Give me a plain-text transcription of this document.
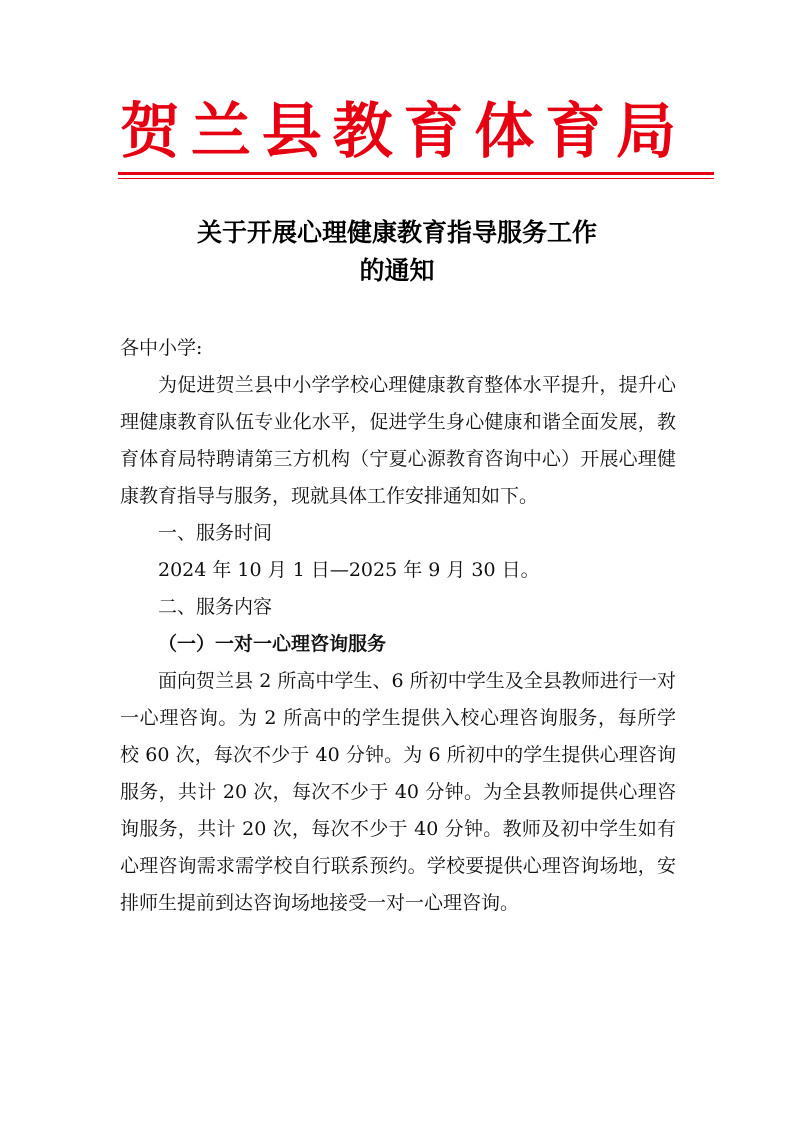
贺兰县教育体育局
关于开展心理健康教育指导服务工作
的通知

各中小学:

为促进贺兰县中小学学校心理健康教育整体水平提升，提升心理健康教育队伍专业化水平，促进学生身心健康和谐全面发展，教育体育局特聘请第三方机构（宁夏心源教育咨询中心）开展心理健康教育指导与服务，现就具体工作安排通知如下。

一、服务时间

2024 年 10 月 1 日—2025 年 9 月 30 日。

二、服务内容

（一）一对一心理咨询服务

面向贺兰县 2 所高中学生、6 所初中学生及全县教师进行一对一心理咨询。为 2 所高中的学生提供入校心理咨询服务，每所学校 60 次，每次不少于 40 分钟。为 6 所初中的学生提供心理咨询服务，共计 20 次，每次不少于 40 分钟。为全县教师提供心理咨询服务，共计 20 次，每次不少于 40 分钟。教师及初中学生如有心理咨询需求需学校自行联系预约。学校要提供心理咨询场地，安排师生提前到达咨询场地接受一对一心理咨询。
